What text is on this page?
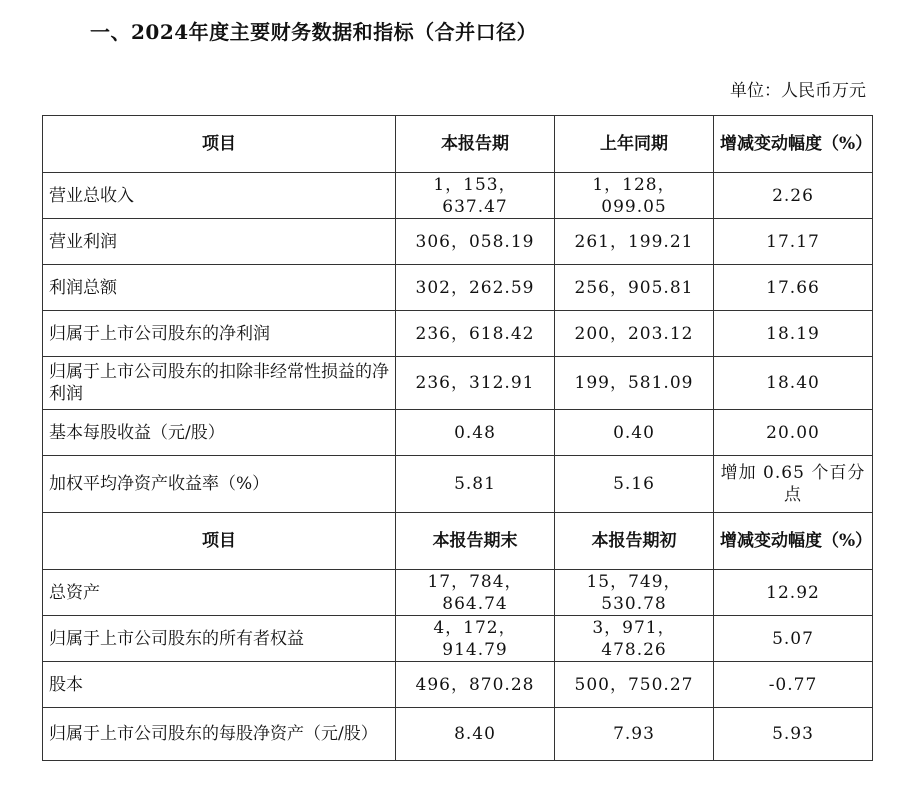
一、2024年度主要财务数据和指标（合并口径）
单位：人民币万元
项目	本报告期	上年同期	增减变动幅度（%）
营业总收入	1，153，637.47	1，128，099.05	2.26
营业利润	306，058.19	261，199.21	17.17
利润总额	302，262.59	256，905.81	17.66
归属于上市公司股东的净利润	236，618.42	200，203.12	18.19
归属于上市公司股东的扣除非经常性损益的净利润	236，312.91	199，581.09	18.40
基本每股收益（元/股）	0.48	0.40	20.00
加权平均净资产收益率（%）	5.81	5.16	增加 0.65 个百分点
项目	本报告期末	本报告期初	增减变动幅度（%）
总资产	17，784，864.74	15，749，530.78	12.92
归属于上市公司股东的所有者权益	4，172，914.79	3，971，478.26	5.07
股本	496，870.28	500，750.27	-0.77
归属于上市公司股东的每股净资产（元/股）	8.40	7.93	5.93
